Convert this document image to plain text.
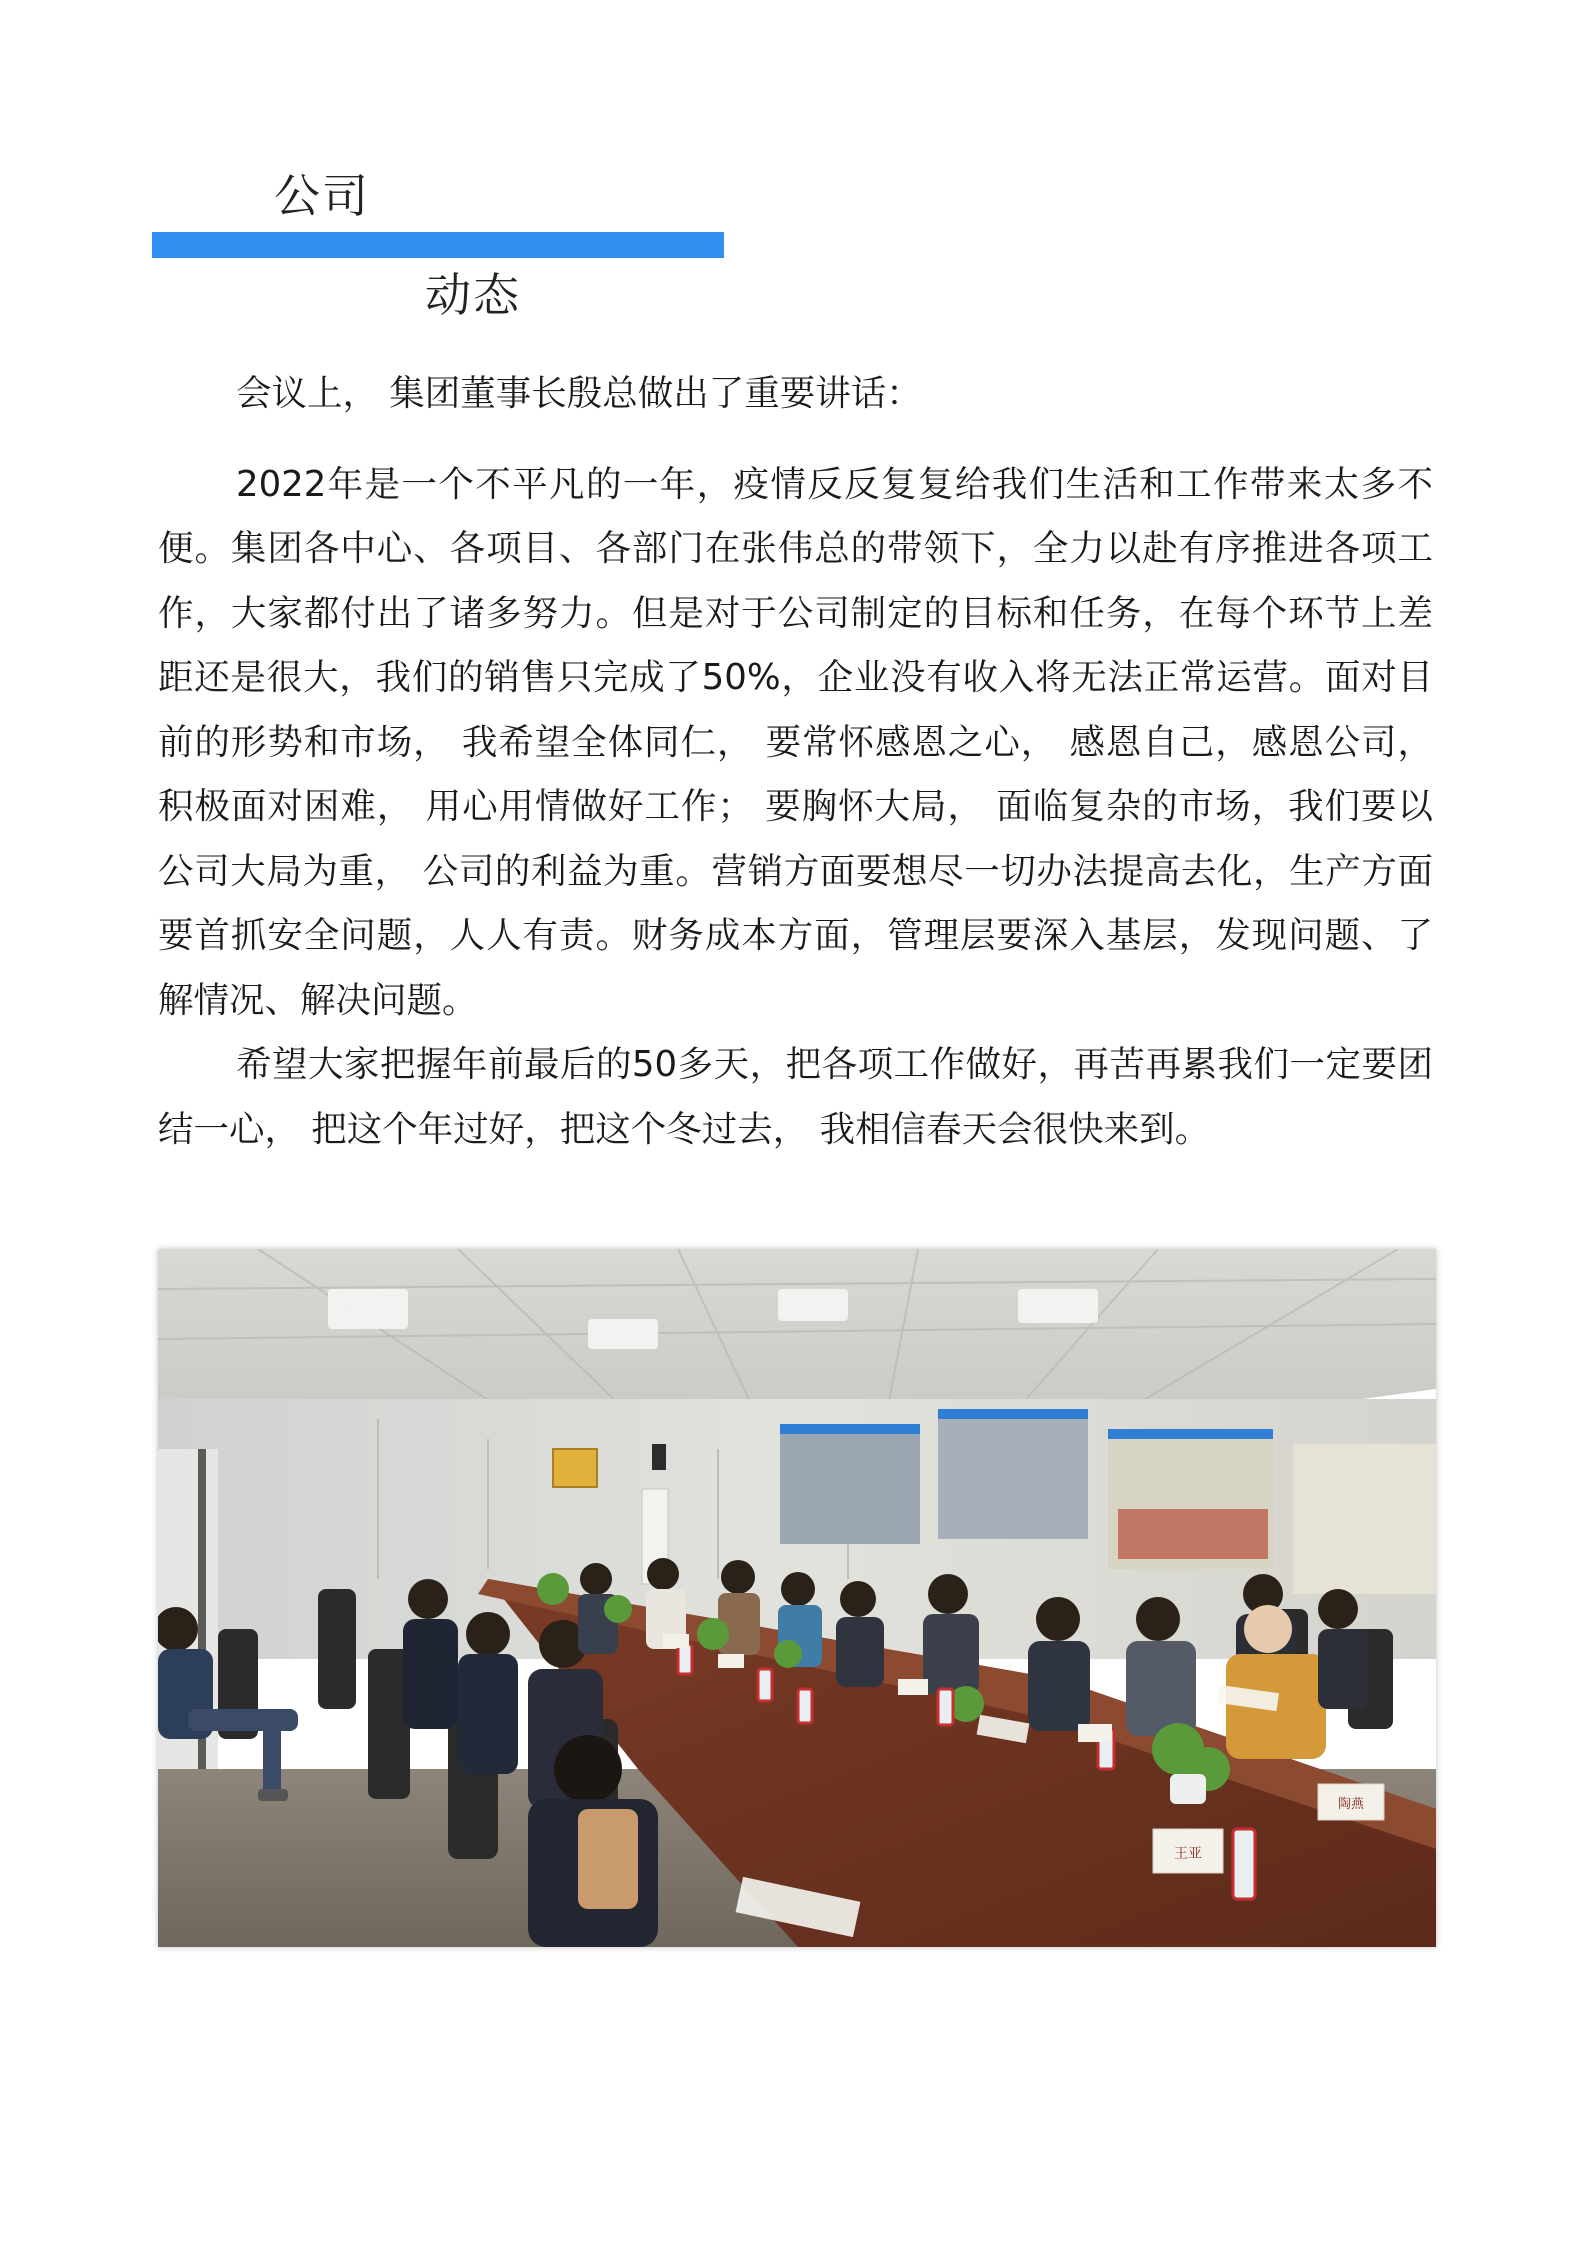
公司
动态

会议上， 集团董事长殷总做出了重要讲话：

2022年是一个不平凡的一年，疫情反反复复给我们生活和工作带来太多不便。集团各中心、各项目、各部门在张伟总的带领下，全力以赴有序推进各项工作，大家都付出了诸多努力。但是对于公司制定的目标和任务，在每个环节上差距还是很大，我们的销售只完成了50%，企业没有收入将无法正常运营。面对目前的形势和市场， 我希望全体同仁， 要常怀感恩之心， 感恩自己，感恩公司， 积极面对困难， 用心用情做好工作； 要胸怀大局， 面临复杂的市场，我们要以公司大局为重， 公司的利益为重。营销方面要想尽一切办法提高去化，生产方面要首抓安全问题，人人有责。财务成本方面，管理层要深入基层，发现问题、了解情况、解决问题。

希望大家把握年前最后的50多天，把各项工作做好，再苦再累我们一定要团结一心， 把这个年过好，把这个冬过去， 我相信春天会很快来到。

王亚
陶燕
